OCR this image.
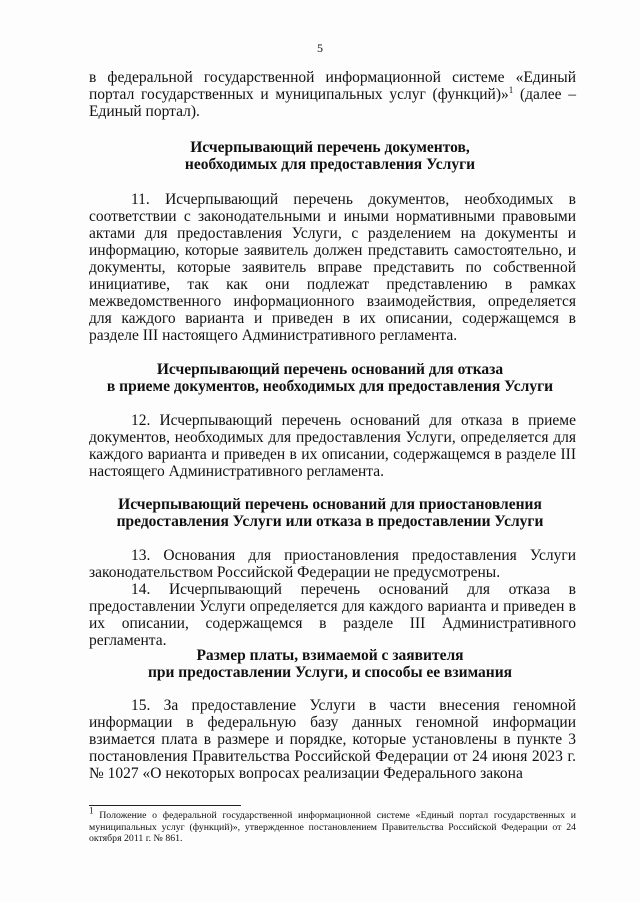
5
в федеральной государственной информационной системе «Единый портал государственных и муниципальных услуг (функций)»$^1$ (далее – Единый портал).
Исчерпывающий перечень документов,
необходимых для предоставления Услуги
11. Исчерпывающий перечень документов, необходимых в соответствии с законодательными и иными нормативными правовыми актами для предоставления Услуги, с разделением на документы и информацию, которые заявитель должен представить самостоятельно, и документы, которые заявитель вправе представить по собственной инициативе, так как они подлежат представлению в рамках межведомственного информационного взаимодействия, определяется для каждого варианта и приведен в их описании, содержащемся в разделе III настоящего Административного регламента.
Исчерпывающий перечень оснований для отказа
в приеме документов, необходимых для предоставления Услуги
12. Исчерпывающий перечень оснований для отказа в приеме документов, необходимых для предоставления Услуги, определяется для каждого варианта и приведен в их описании, содержащемся в разделе III настоящего Административного регламента.
Исчерпывающий перечень оснований для приостановления
предоставления Услуги или отказа в предоставлении Услуги
13. Основания для приостановления предоставления Услуги законодательством Российской Федерации не предусмотрены.
14. Исчерпывающий перечень оснований для отказа в предоставлении Услуги определяется для каждого варианта и приведен в их описании, содержащемся в разделе III Административного регламента.
Размер платы, взимаемой с заявителя
при предоставлении Услуги, и способы ее взимания
15. За предоставление Услуги в части внесения геномной информации в федеральную базу данных геномной информации взимается плата в размере и порядке, которые установлены в пункте 3 постановления Правительства Российской Федерации от 24 июня 2023 г. № 1027 «О некоторых вопросах реализации Федерального закона
$^1$ Положение о федеральной государственной информационной системе «Единый портал государственных и муниципальных услуг (функций)», утвержденное постановлением Правительства Российской Федерации от 24 октября 2011 г. № 861.
